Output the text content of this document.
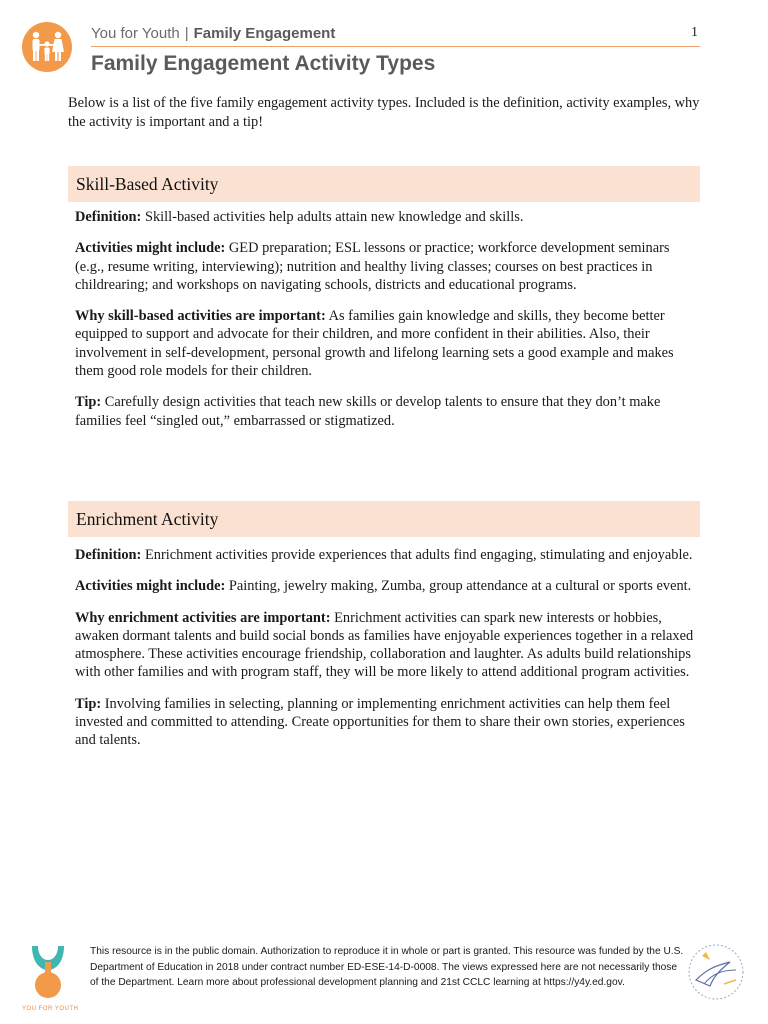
You for Youth | Family Engagement	1
Family Engagement Activity Types
Below is a list of the five family engagement activity types. Included is the definition, activity examples, why the activity is important and a tip!
Skill-Based Activity

Definition: Skill-based activities help adults attain new knowledge and skills.

Activities might include: GED preparation; ESL lessons or practice; workforce development seminars (e.g., resume writing, interviewing); nutrition and healthy living classes; courses on best practices in childrearing; and workshops on navigating schools, districts and educational programs.

Why skill-based activities are important: As families gain knowledge and skills, they become better equipped to support and advocate for their children, and more confident in their abilities. Also, their involvement in self-development, personal growth and lifelong learning sets a good example and makes them good role models for their children.

Tip: Carefully design activities that teach new skills or develop talents to ensure that they don’t make families feel “singled out,” embarrassed or stigmatized.

Enrichment Activity

Definition: Enrichment activities provide experiences that adults find engaging, stimulating and enjoyable.

Activities might include: Painting, jewelry making, Zumba, group attendance at a cultural or sports event.

Why enrichment activities are important: Enrichment activities can spark new interests or hobbies, awaken dormant talents and build social bonds as families have enjoyable experiences together in a relaxed atmosphere. These activities encourage friendship, collaboration and laughter. As adults build relationships with other families and with program staff, they will be more likely to attend additional program activities.

Tip: Involving families in selecting, planning or implementing enrichment activities can help them feel invested and committed to attending. Create opportunities for them to share their own stories, experiences and talents.

YOU FOR YOUTH
This resource is in the public domain. Authorization to reproduce it in whole or part is granted. This resource was funded by the U.S. Department of Education in 2018 under contract number ED-ESE-14-D-0008. The views expressed here are not necessarily those of the Department. Learn more about professional development planning and 21st CCLC learning at https://y4y.ed.gov.
